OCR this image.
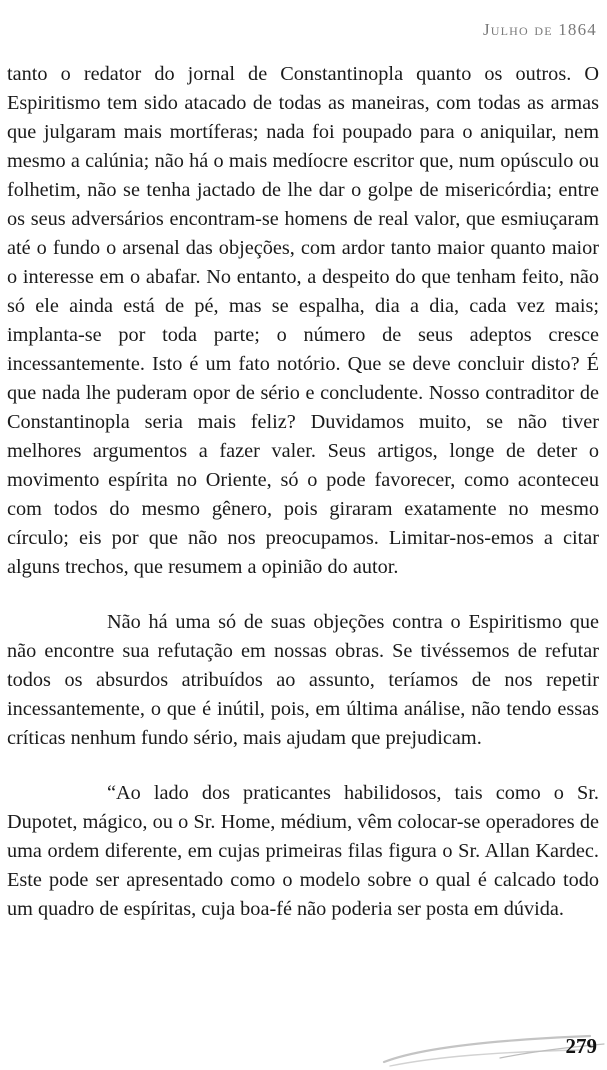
Julho de 1864

tanto o redator do jornal de Constantinopla quanto os outros. O Espiritismo tem sido atacado de todas as maneiras, com todas as armas que julgaram mais mortíferas; nada foi poupado para o aniquilar, nem mesmo a calúnia; não há o mais medíocre escritor que, num opúsculo ou folhetim, não se tenha jactado de lhe dar o golpe de misericórdia; entre os seus adversários encontram-se homens de real valor, que esmiuçaram até o fundo o arsenal das objeções, com ardor tanto maior quanto maior o interesse em o abafar. No entanto, a despeito do que tenham feito, não só ele ainda está de pé, mas se espalha, dia a dia, cada vez mais; implanta-se por toda parte; o número de seus adeptos cresce incessantemente. Isto é um fato notório. Que se deve concluir disto? É que nada lhe puderam opor de sério e concludente. Nosso contraditor de Constantinopla seria mais feliz? Duvidamos muito, se não tiver melhores argumentos a fazer valer. Seus artigos, longe de deter o movimento espírita no Oriente, só o pode favorecer, como aconteceu com todos do mesmo gênero, pois giraram exatamente no mesmo círculo; eis por que não nos preocupamos. Limitar-nos-emos a citar alguns trechos, que resumem a opinião do autor.

Não há uma só de suas objeções contra o Espiritismo que não encontre sua refutação em nossas obras. Se tivéssemos de refutar todos os absurdos atribuídos ao assunto, teríamos de nos repetir incessantemente, o que é inútil, pois, em última análise, não tendo essas críticas nenhum fundo sério, mais ajudam que prejudicam.

“Ao lado dos praticantes habilidosos, tais como o Sr. Dupotet, mágico, ou o Sr. Home, médium, vêm colocar-se operadores de uma ordem diferente, em cujas primeiras filas figura o Sr. Allan Kardec. Este pode ser apresentado como o modelo sobre o qual é calcado todo um quadro de espíritas, cuja boa-fé não poderia ser posta em dúvida.

279
